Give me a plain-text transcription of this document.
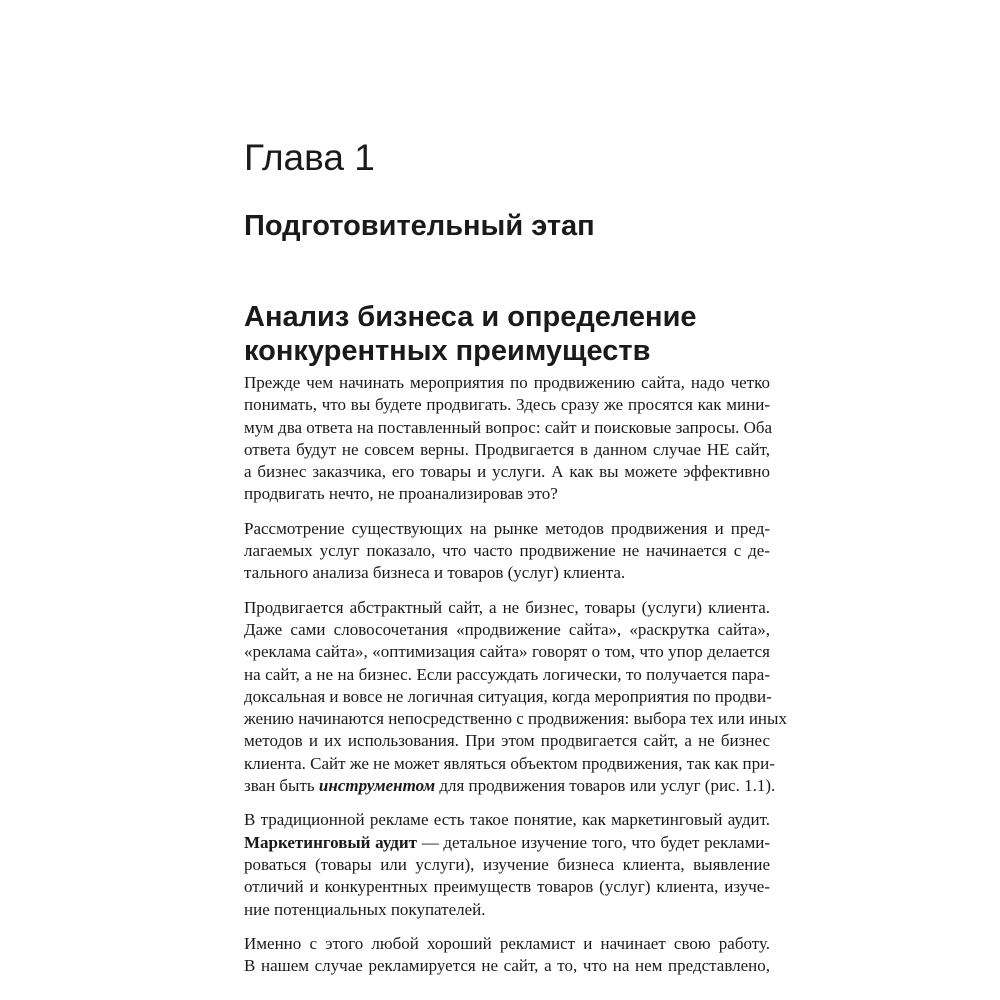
Глава 1
Подготовительный этап
Анализ бизнеса и определение
конкурентных преимуществ

Прежде чем начинать мероприятия по продвижению сайта, надо четко
понимать, что вы будете продвигать. Здесь сразу же просятся как мини-
мум два ответа на поставленный вопрос: сайт и поисковые запросы. Оба
ответа будут не совсем верны. Продвигается в данном случае НЕ сайт,
а бизнес заказчика, его товары и услуги. А как вы можете эффективно
продвигать нечто, не проанализировав это?

Рассмотрение существующих на рынке методов продвижения и пред-
лагаемых услуг показало, что часто продвижение не начинается с де-
тального анализа бизнеса и товаров (услуг) клиента.

Продвигается абстрактный сайт, а не бизнес, товары (услуги) клиента.
Даже сами словосочетания «продвижение сайта», «раскрутка сайта»,
«реклама сайта», «оптимизация сайта» говорят о том, что упор делается
на сайт, а не на бизнес. Если рассуждать логически, то получается пара-
доксальная и вовсе не логичная ситуация, когда мероприятия по продви-
жению начинаются непосредственно с продвижения: выбора тех или иных
методов и их использования. При этом продвигается сайт, а не бизнес
клиента. Сайт же не может являться объектом продвижения, так как при-
зван быть инструментом для продвижения товаров или услуг (рис. 1.1).

В традиционной рекламе есть такое понятие, как маркетинговый аудит.
Маркетинговый аудит — детальное изучение того, что будет реклами-
роваться (товары или услуги), изучение бизнеса клиента, выявление
отличий и конкурентных преимуществ товаров (услуг) клиента, изуче-
ние потенциальных покупателей.

Именно с этого любой хороший рекламист и начинает свою работу.
В нашем случае рекламируется не сайт, а то, что на нем представлено,
